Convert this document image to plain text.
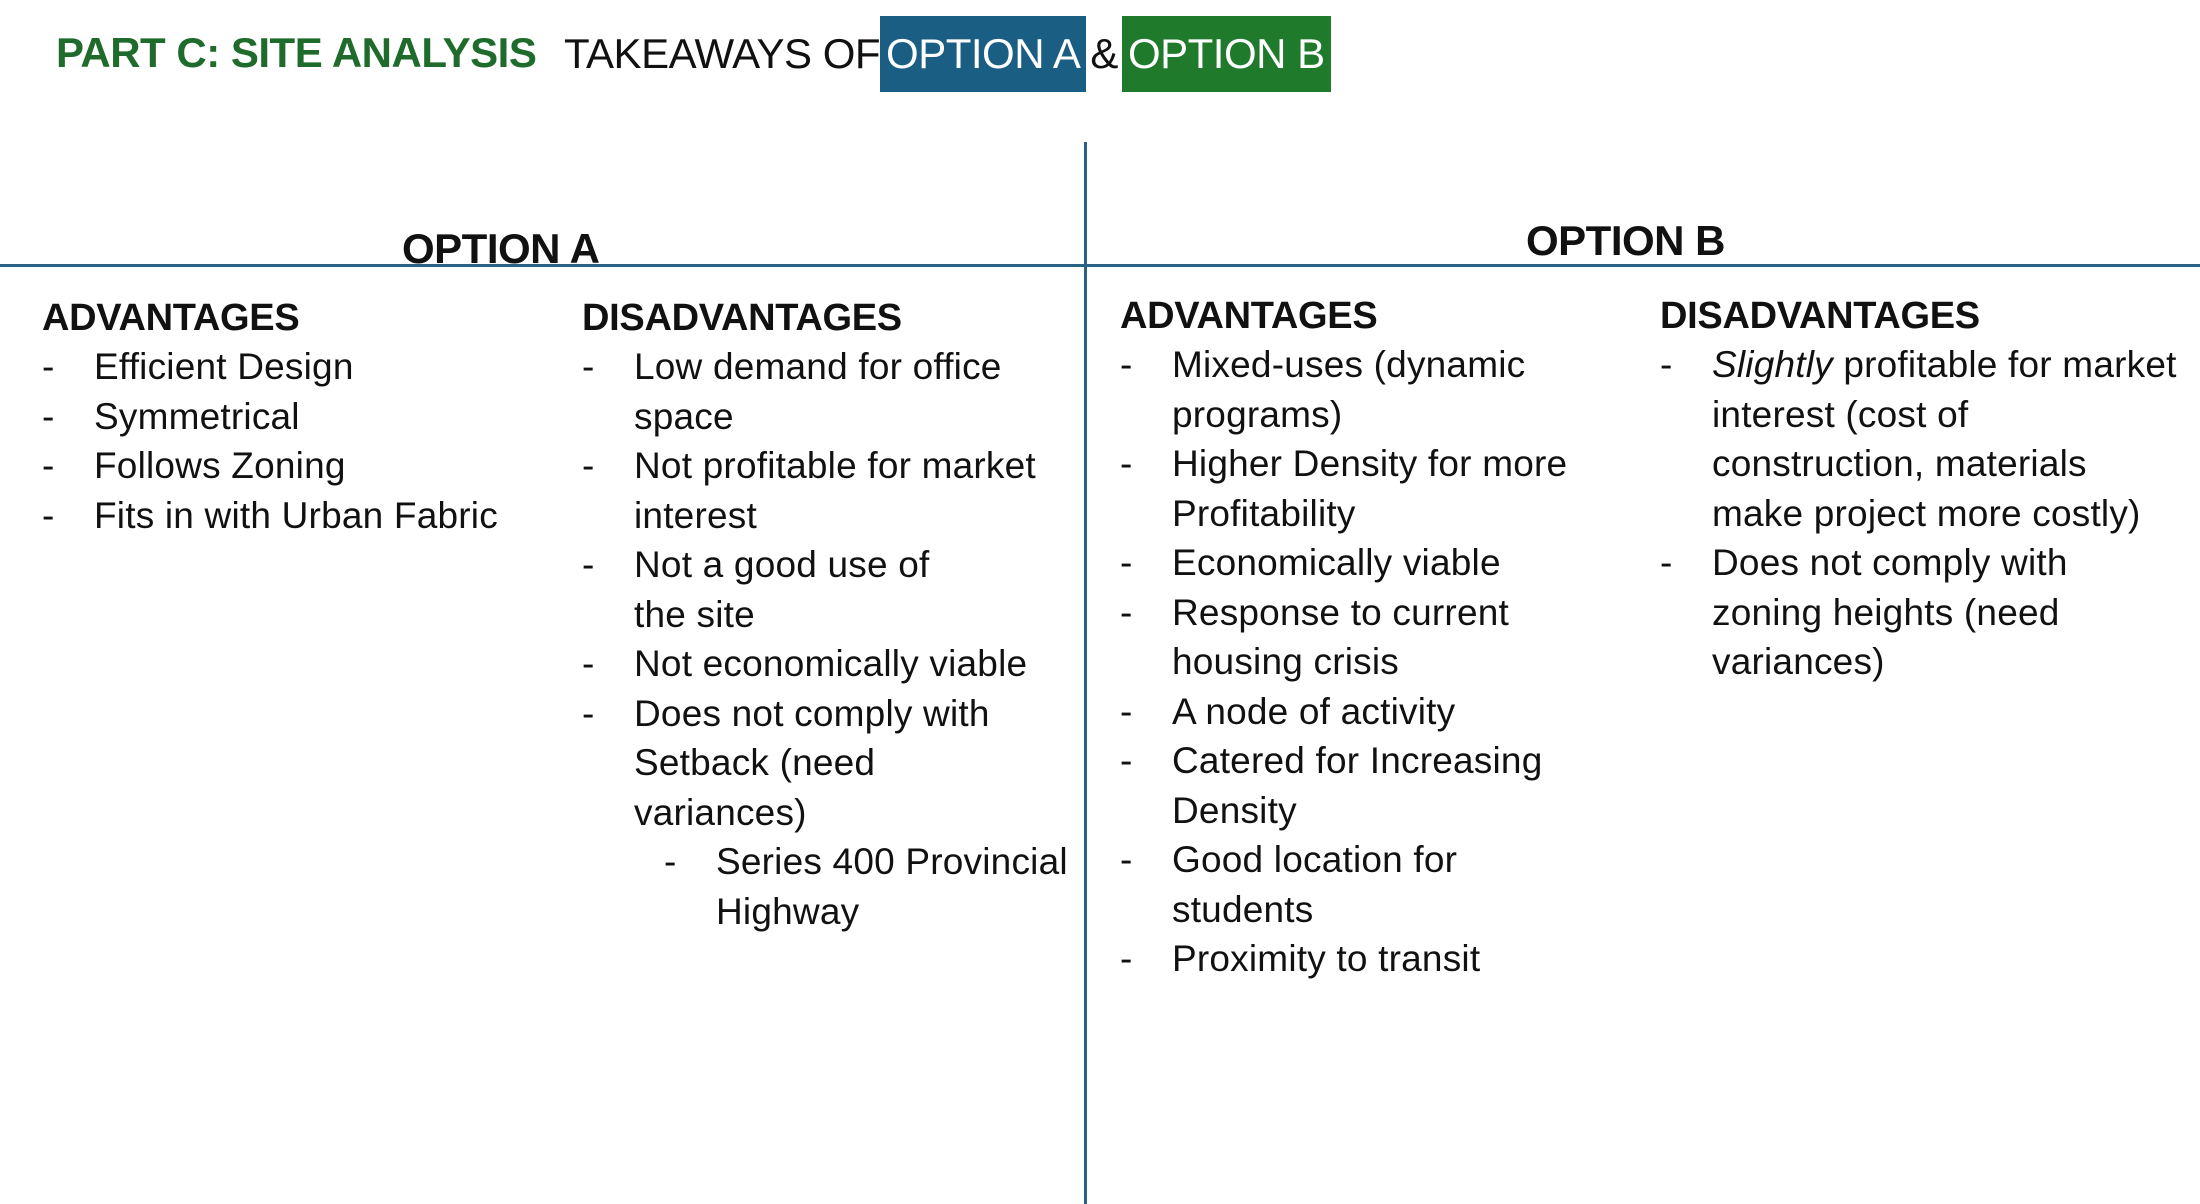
PART C: SITE ANALYSIS TAKEAWAYS OF OPTION A & OPTION B
OPTION A	OPTION B
ADVANTAGES
- Efficient Design
- Symmetrical
- Follows Zoning
- Fits in with Urban Fabric
DISADVANTAGES
- Low demand for office space
- Not profitable for market interest
- Not a good use of the site
- Not economically viable
- Does not comply with Setback (need variances)
- Series 400 Provincial Highway
ADVANTAGES
- Mixed-uses (dynamic programs)
- Higher Density for more Profitability
- Economically viable
- Response to current housing crisis
- A node of activity
- Catered for Increasing Density
- Good location for students
- Proximity to transit
DISADVANTAGES
- Slightly profitable for market interest (cost of construction, materials make project more costly)
- Does not comply with zoning heights (need variances)
